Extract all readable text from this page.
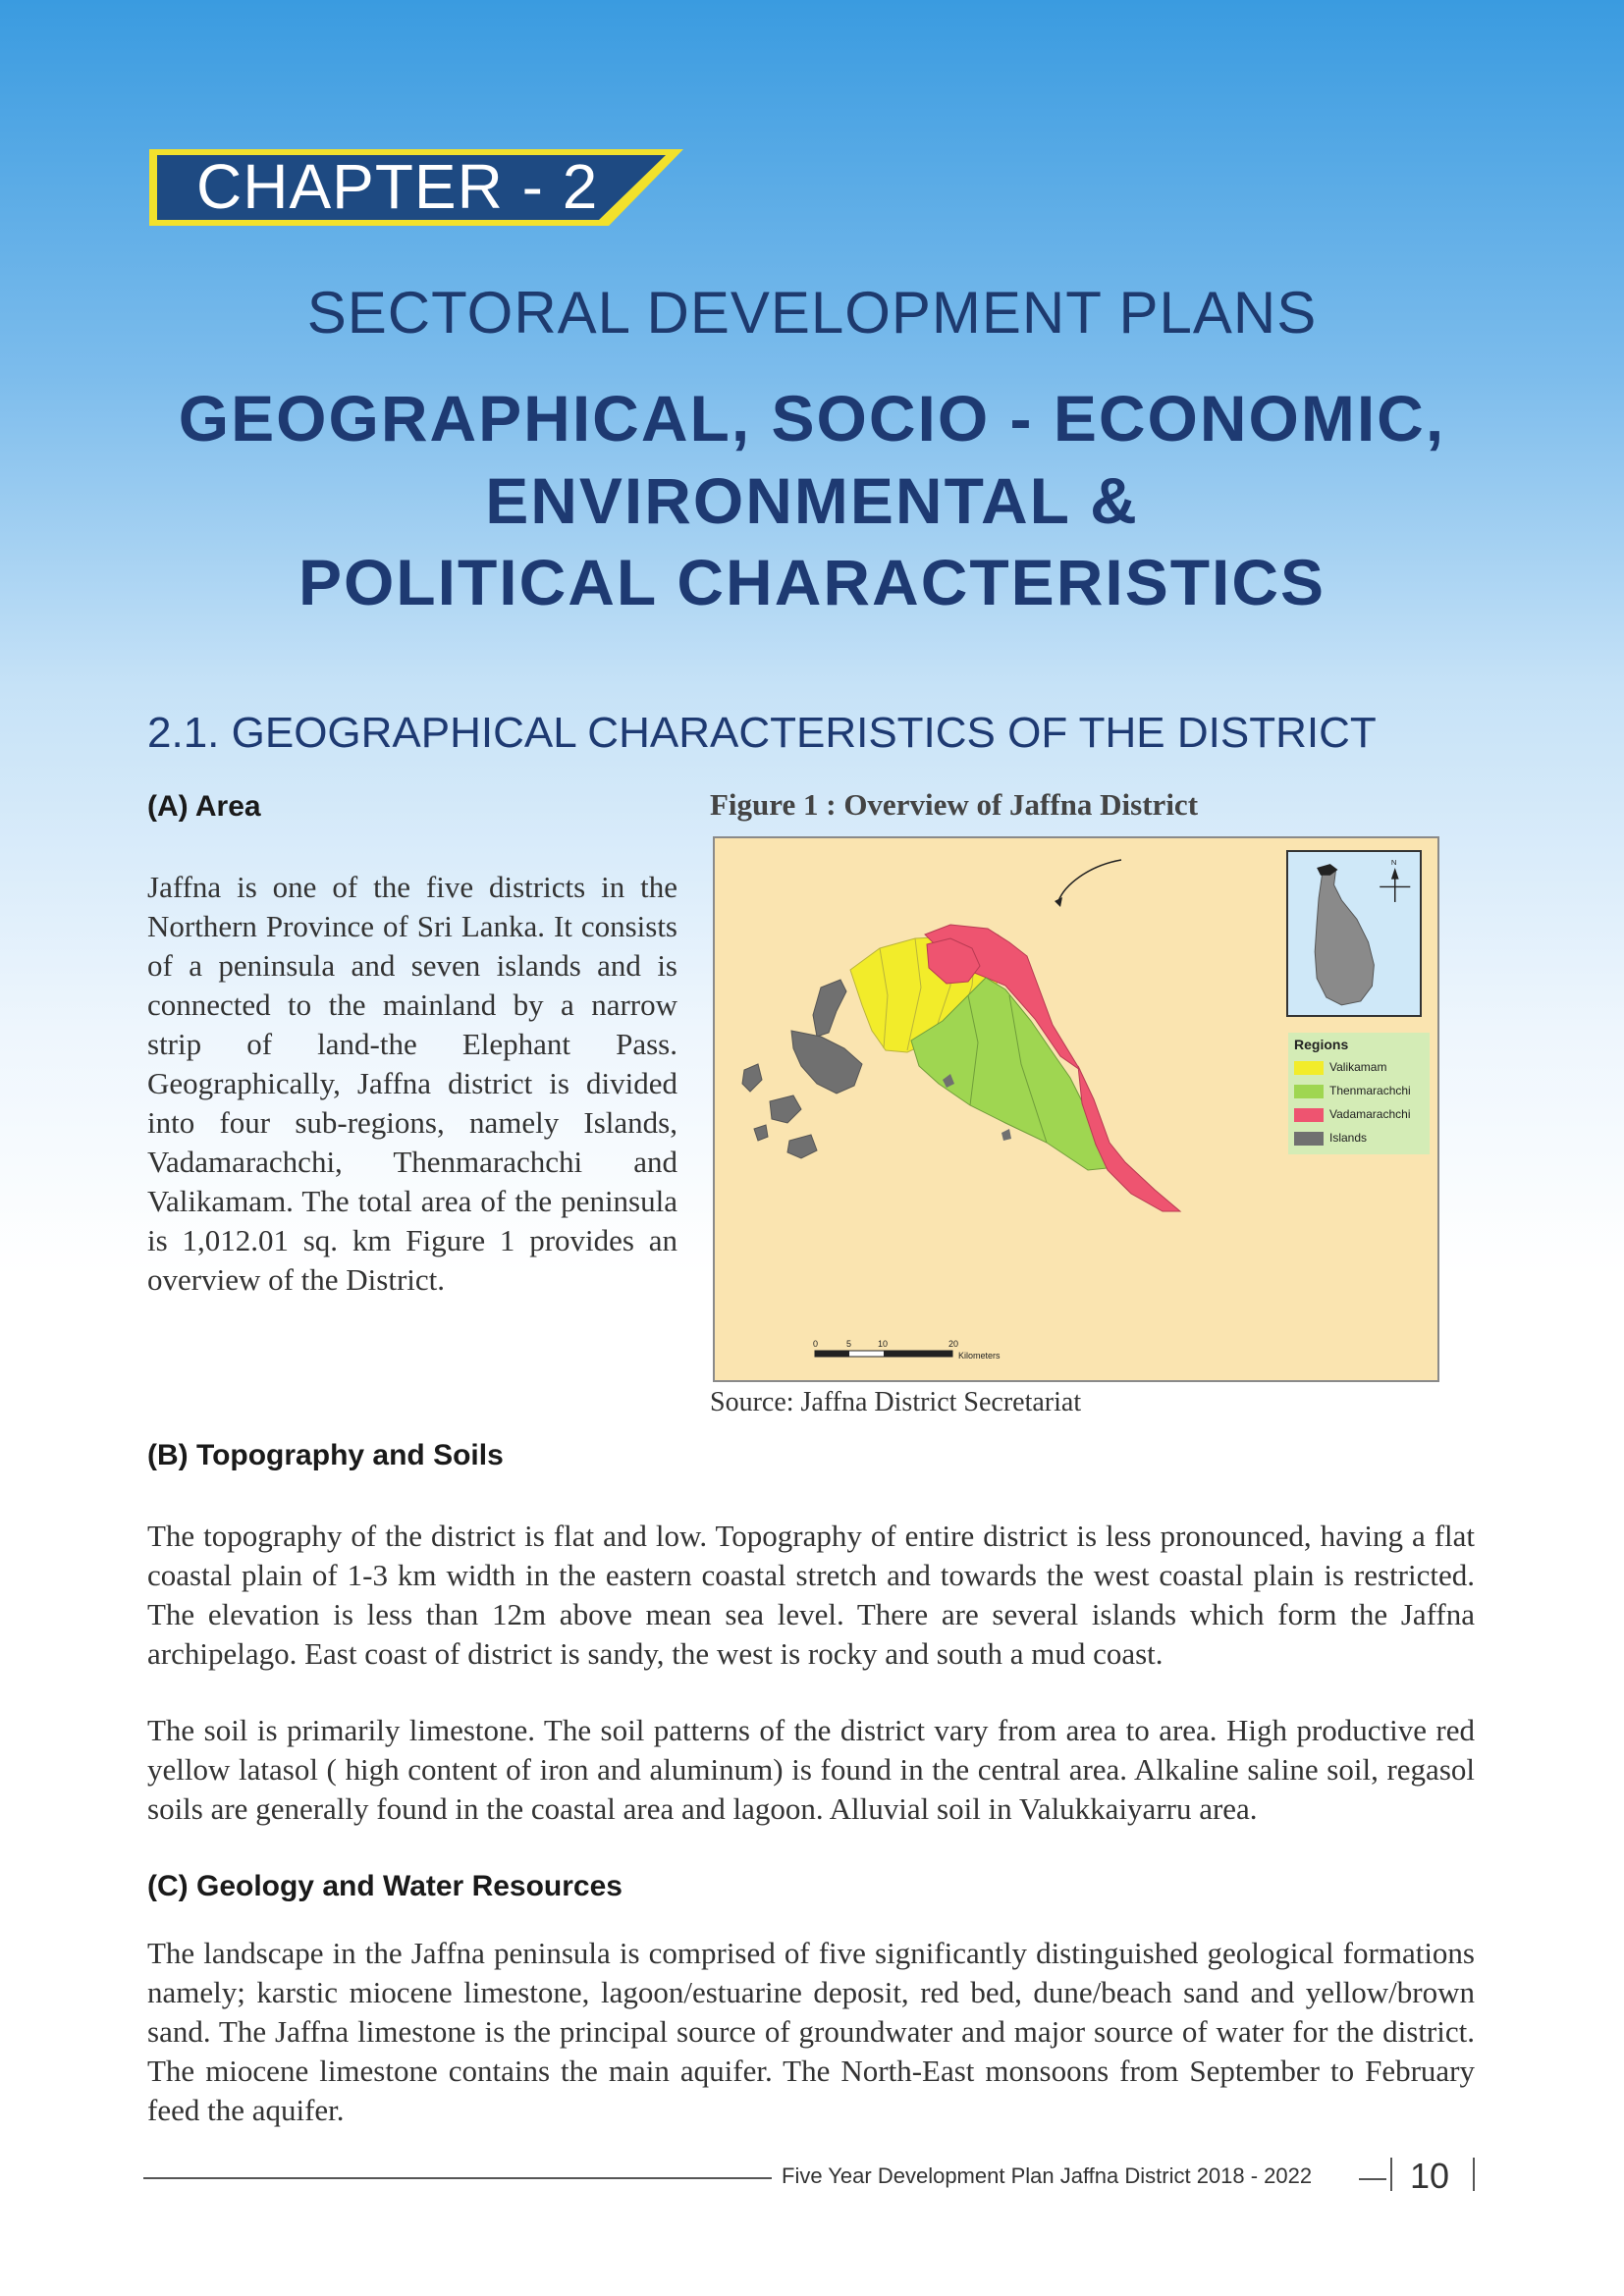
CHAPTER - 2
SECTORAL DEVELOPMENT PLANS
GEOGRAPHICAL, SOCIO - ECONOMIC,
ENVIRONMENTAL &
POLITICAL CHARACTERISTICS
2.1. GEOGRAPHICAL CHARACTERISTICS OF THE DISTRICT
(A) Area
Jaffna is one of the five districts in the Northern Province of Sri Lanka. It consists of a peninsula and seven islands and is connected to the mainland by a narrow strip of land-the Elephant Pass. Geographically, Jaffna district is divided into four sub-regions, namely Islands, Vadamarachchi, Thenmarachchi and Valikamam. The total area of the peninsula is 1,012.01 sq. km Figure 1 provides an overview of the District.
Figure 1 : Overview of Jaffna District
N
Regions
Valikamam
Thenmarachchi
Vadamarachchi
Islands
0	5	10	20
Kilometers
Source: Jaffna District Secretariat
(B) Topography and Soils
The topography of the district is flat and low. Topography of entire district is less pronounced, having a flat coastal plain of 1-3 km width in the eastern coastal stretch and towards the west coastal plain is restricted. The elevation is less than 12m above mean sea level. There are several islands which form the Jaffna archipelago. East coast of district is sandy, the west is rocky and south a mud coast.
The soil is primarily limestone. The soil patterns of the district vary from area to area. High productive red yellow latasol ( high content of iron and aluminum) is found in the central area. Alkaline saline soil, regasol soils are generally found in the coastal area and lagoon. Alluvial soil in Valukkaiyarru area.
(C) Geology and Water Resources
The landscape in the Jaffna peninsula is comprised of five significantly distinguished geological formations namely; karstic miocene limestone, lagoon/estuarine deposit, red bed, dune/beach sand and yellow/brown sand. The Jaffna limestone is the principal source of groundwater and major source of water for the district. The miocene limestone contains the main aquifer. The North-East monsoons from September to February feed the aquifer.
Five Year Development Plan Jaffna District 2018 - 2022	10
